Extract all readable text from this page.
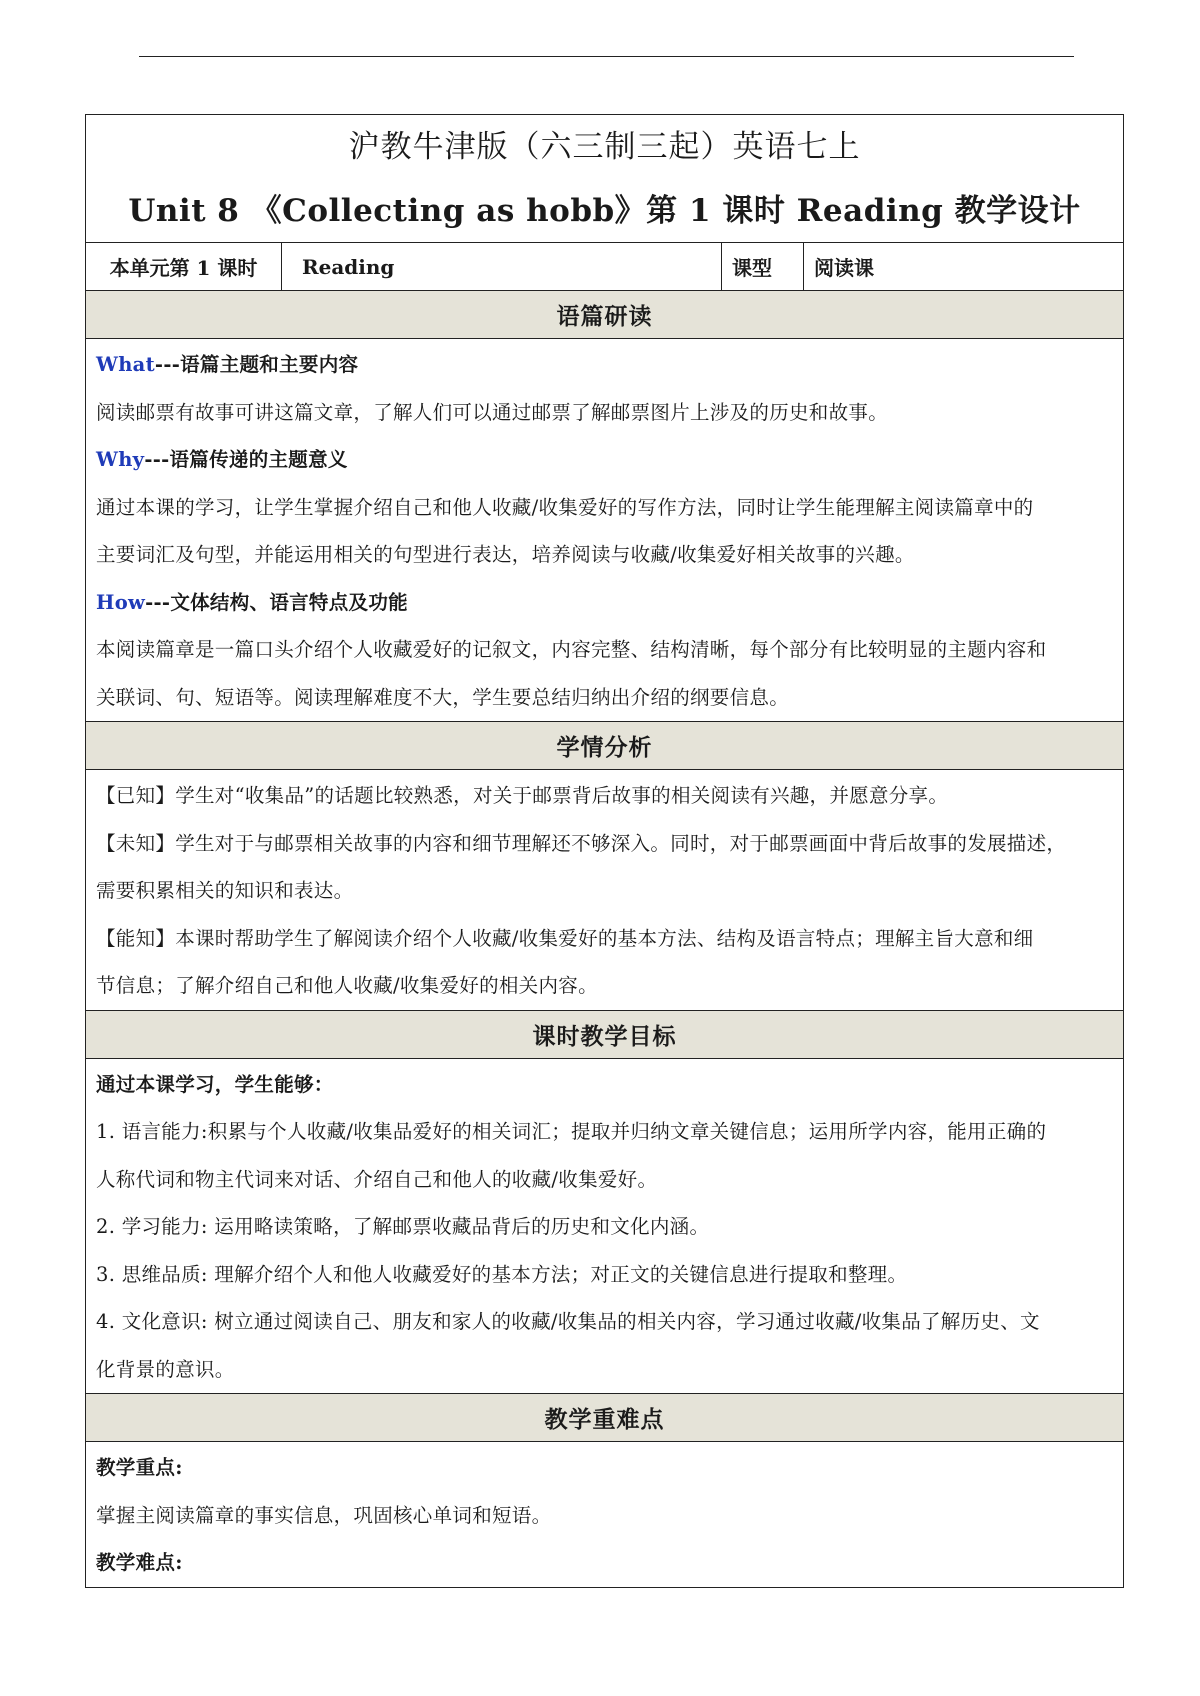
沪教牛津版（六三制三起）英语七上
Unit 8 《Collecting as hobb》第 1 课时 Reading 教学设计
本单元第 1 课时	Reading	课型	阅读课
语篇研读
What---语篇主题和主要内容
阅读邮票有故事可讲这篇文章，了解人们可以通过邮票了解邮票图片上涉及的历史和故事。
Why---语篇传递的主题意义
通过本课的学习，让学生掌握介绍自己和他人收藏/收集爱好的写作方法，同时让学生能理解主阅读篇章中的
主要词汇及句型，并能运用相关的句型进行表达，培养阅读与收藏/收集爱好相关故事的兴趣。
How---文体结构、语言特点及功能
本阅读篇章是一篇口头介绍个人收藏爱好的记叙文，内容完整、结构清晰，每个部分有比较明显的主题内容和
关联词、句、短语等。阅读理解难度不大，学生要总结归纳出介绍的纲要信息。
学情分析
【已知】学生对“收集品”的话题比较熟悉，对关于邮票背后故事的相关阅读有兴趣，并愿意分享。
【未知】学生对于与邮票相关故事的内容和细节理解还不够深入。同时，对于邮票画面中背后故事的发展描述，
需要积累相关的知识和表达。
【能知】本课时帮助学生了解阅读介绍个人收藏/收集爱好的基本方法、结构及语言特点；理解主旨大意和细
节信息；了解介绍自己和他人收藏/收集爱好的相关内容。
课时教学目标
通过本课学习，学生能够：
1. 语言能力:积累与个人收藏/收集品爱好的相关词汇；提取并归纳文章关键信息；运用所学内容，能用正确的
人称代词和物主代词来对话、介绍自己和他人的收藏/收集爱好。
2. 学习能力: 运用略读策略，了解邮票收藏品背后的历史和文化内涵。
3. 思维品质: 理解介绍个人和他人收藏爱好的基本方法；对正文的关键信息进行提取和整理。
4. 文化意识: 树立通过阅读自己、朋友和家人的收藏/收集品的相关内容，学习通过收藏/收集品了解历史、文
化背景的意识。
教学重难点
教学重点:
掌握主阅读篇章的事实信息，巩固核心单词和短语。
教学难点:
